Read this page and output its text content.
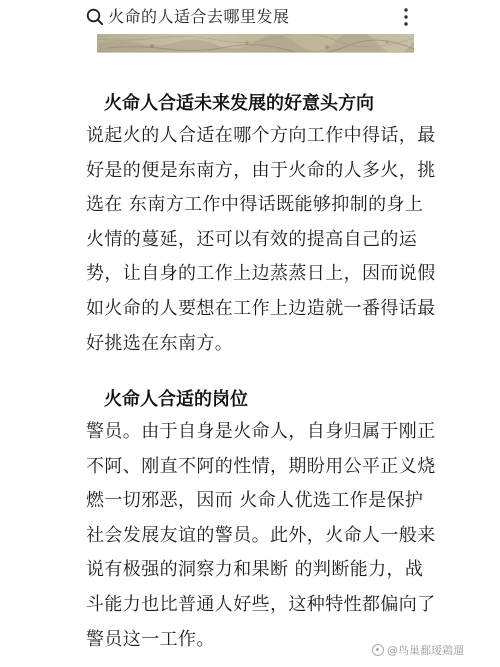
火命的人适合去哪里发展
火命人合适未来发展的好意头方向
说起火的人合适在哪个方向工作中得话，最
好是的便是东南方，由于火命的人多火，挑
选在 东南方工作中得话既能够抑制的身上
火情的蔓延，还可以有效的提高自己的运
势，让自身的工作上边蒸蒸日上，因而说假
如火命的人要想在工作上边造就一番得话最
好挑选在东南方。
火命人合适的岗位
警员。由于自身是火命人，自身归属于刚正
不阿、刚直不阿的性情，期盼用公平正义烧
燃一切邪恶，因而 火命人优选工作是保护
社会发展友谊的警员。此外，火命人一般来
说有极强的洞察力和果断 的判断能力，战
斗能力也比普通人好些，这种特性都偏向了
警员这一工作。
@鸟巢鄱瑷鶏遛
